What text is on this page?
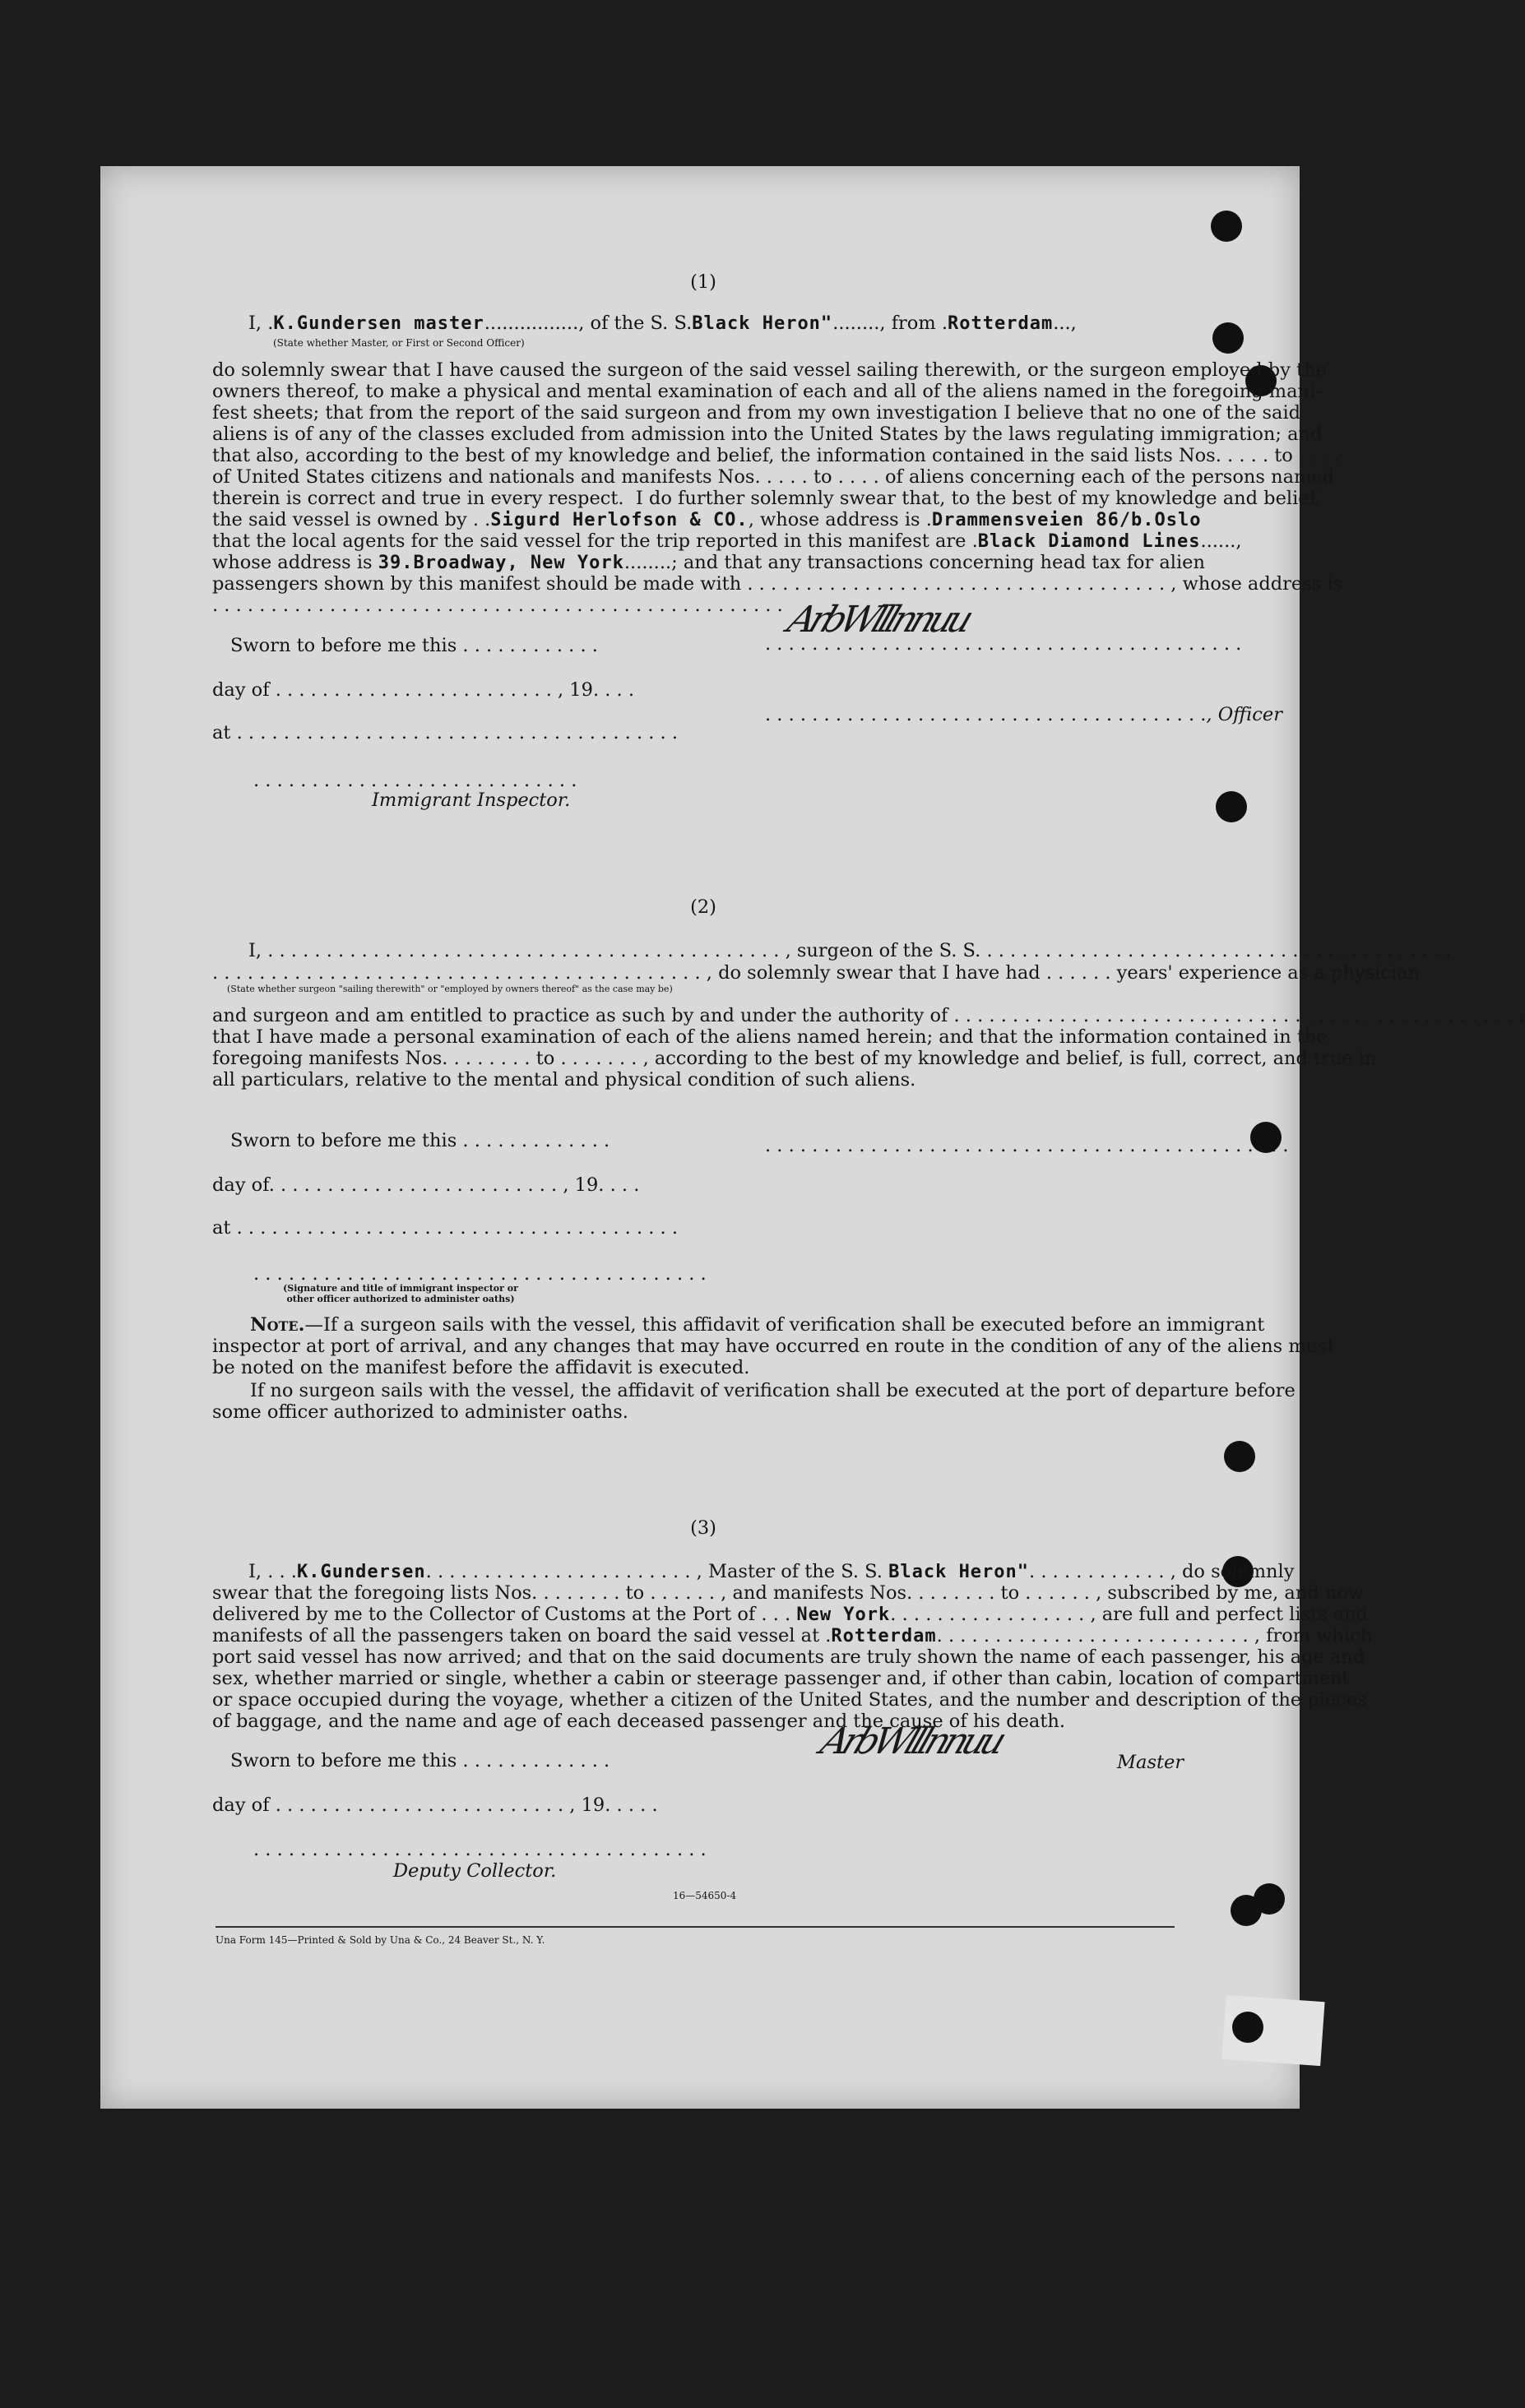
(1)
I, .K.Gundersen master................, of the S. S.Black Heron"........, from .Rotterdam...,
(State whether Master, or First or Second Officer)
do solemnly swear that I have caused the surgeon of the said vessel sailing therewith, or the surgeon employed by the
owners thereof, to make a physical and mental examination of each and all of the aliens named in the foregoing mani-
fest sheets; that from the report of the said surgeon and from my own investigation I believe that no one of the said
aliens is of any of the classes excluded from admission into the United States by the laws regulating immigration; and
that also, according to the best of my knowledge and belief, the information contained in the said lists Nos. . . . . to . . . .
of United States citizens and nationals and manifests Nos. . . . . to . . . . of aliens concerning each of the persons named
therein is correct and true in every respect.  I do further solemnly swear that, to the best of my knowledge and belief,
the said vessel is owned by . .Sigurd Herlofson & CO., whose address is .Drammensveien 86/b.Oslo
that the local agents for the said vessel for the trip reported in this manifest are .Black Diamond Lines......,
whose address is 39.Broadway, New York........; and that any transactions concerning head tax for alien
passengers shown by this manifest should be made with . . . . . . . . . . . . . . . . . . . . . . . . . . . . . . . . . . . . , whose address is
. . . . . . . . . . . . . . . . . . . . . . . . . . . . . . . . . . . . . . . . . . . . . . . . .
ArbWlllnnuu
. . . . . . . . . . . . . . . . . . . . . . . . . . . . . . . . . . . . . . . . .
Sworn to before me this . . . . . . . . . . . .
day of . . . . . . . . . . . . . . . . . . . . . . . . , 19. . . .
. . . . . . . . . . . . . . . . . . . . . . . . . . . . . . . . . . . . . ., Officer
at . . . . . . . . . . . . . . . . . . . . . . . . . . . . . . . . . . . . . .
. . . . . . . . . . . . . . . . . . . . . . . . . . . .
Immigrant Inspector.
(2)
I, . . . . . . . . . . . . . . . . . . . . . . . . . . . . . . . . . . . . . . . . . . . . , surgeon of the S. S. . . . . . . . . . . . . . . . . . . . . . . . . . . . . . . . . . . . . . . . ,
. . . . . . . . . . . . . . . . . . . . . . . . . . . . . . . . . . . . . . . . . . , do solemnly swear that I have had . . . . . . years' experience as a physician
(State whether surgeon "sailing therewith" or "employed by owners thereof" as the case may be)
and surgeon and am entitled to practice as such by and under the authority of . . . . . . . . . . . . . . . . . . . . . . . . . . . . . . . . . . . . . . . . . . . . . . . . ;
that I have made a personal examination of each of the aliens named herein; and that the information contained in the
foregoing manifests Nos. . . . . . . . to . . . . . . . , according to the best of my knowledge and belief, is full, correct, and true in
all particulars, relative to the mental and physical condition of such aliens.
Sworn to before me this . . . . . . . . . . . . .	. . . . . . . . . . . . . . . . . . . . . . . . . . . . . . . . . . . . . . . . . . . . .
day of. . . . . . . . . . . . . . . . . . . . . . . . . , 19. . . .
at . . . . . . . . . . . . . . . . . . . . . . . . . . . . . . . . . . . . . .
. . . . . . . . . . . . . . . . . . . . . . . . . . . . . . . . . . . . . . .
(Signature and title of immigrant inspector or
other officer authorized to administer oaths)
Note.—If a surgeon sails with the vessel, this affidavit of verification shall be executed before an immigrant
inspector at port of arrival, and any changes that may have occurred en route in the condition of any of the aliens must
be noted on the manifest before the affidavit is executed.
If no surgeon sails with the vessel, the affidavit of verification shall be executed at the port of departure before
some officer authorized to administer oaths.
(3)
I, . . .K.Gundersen. . . . . . . . . . . . . . . . . . . . . . . , Master of the S. S. Black Heron". . . . . . . . . . . . , do solemnly
swear that the foregoing lists Nos. . . . . . . . to . . . . . . , and manifests Nos. . . . . . . . to . . . . . . , subscribed by me, and now
delivered by me to the Collector of Customs at the Port of . . . New York. . . . . . . . . . . . . . . . . , are full and perfect lists and
manifests of all the passengers taken on board the said vessel at .Rotterdam. . . . . . . . . . . . . . . . . . . . . . . . . . . , from which
port said vessel has now arrived; and that on the said documents are truly shown the name of each passenger, his age and
sex, whether married or single, whether a cabin or steerage passenger and, if other than cabin, location of compartment
or space occupied during the voyage, whether a citizen of the United States, and the number and description of the pieces
of baggage, and the name and age of each deceased passenger and the cause of his death.
ArbWlllnnuu
Sworn to before me this . . . . . . . . . . . . .	Master
day of . . . . . . . . . . . . . . . . . . . . . . . . . , 19. . . . .
. . . . . . . . . . . . . . . . . . . . . . . . . . . . . . . . . . . . . . .
Deputy Collector.
16—54650-4
Una Form 145—Printed & Sold by Una & Co., 24 Beaver St., N. Y.
